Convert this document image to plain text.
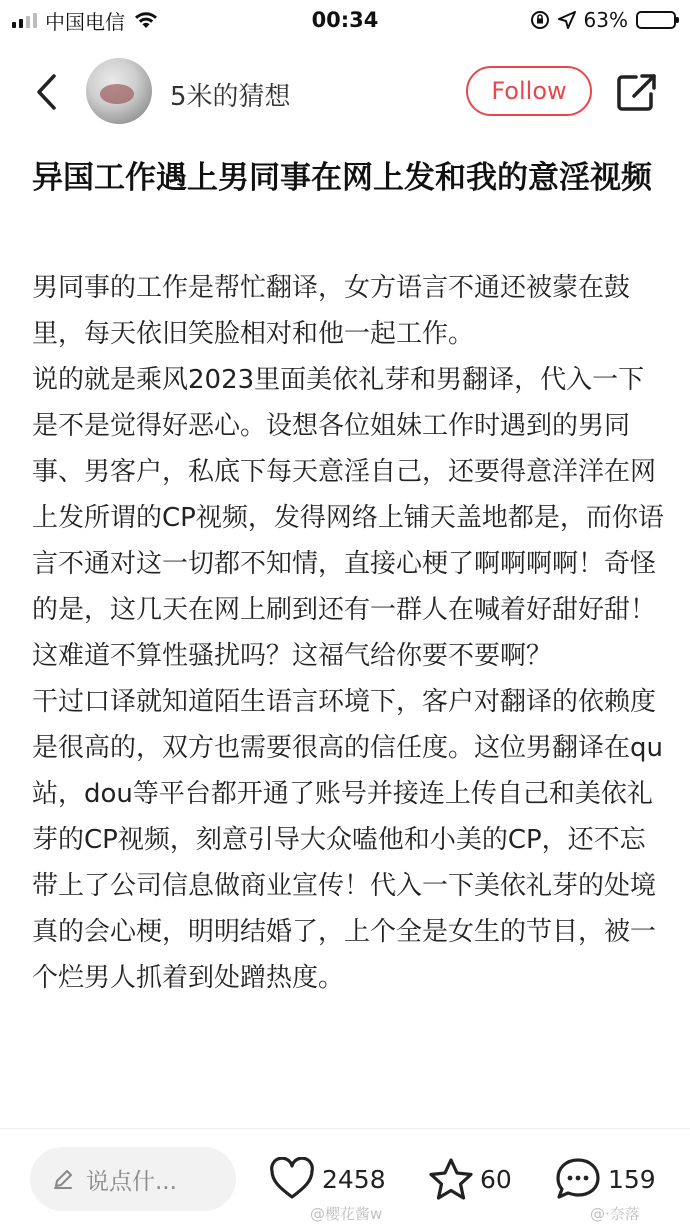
中国电信	00:34	63%
5米的猜想	Follow
异国工作遇上男同事在网上发和我的意淫视频

男同事的工作是帮忙翻译，女方语言不通还被蒙在鼓里，每天依旧笑脸相对和他一起工作。

说的就是乘风2023里面美依礼芽和男翻译，代入一下是不是觉得好恶心。设想各位姐妹工作时遇到的男同事、男客户，私底下每天意淫自己，还要得意洋洋在网上发所谓的CP视频，发得网络上铺天盖地都是，而你语言不通对这一切都不知情，直接心梗了啊啊啊啊！奇怪的是，这几天在网上刷到还有一群人在喊着好甜好甜！这难道不算性骚扰吗？这福气给你要不要啊？

干过口译就知道陌生语言环境下，客户对翻译的依赖度是很高的，双方也需要很高的信任度。这位男翻译在qu站，dou等平台都开通了账号并接连上传自己和美依礼芽的CP视频，刻意引导大众嗑他和小美的CP，还不忘带上了公司信息做商业宣传！代入一下美依礼芽的处境真的会心梗，明明结婚了，上个全是女生的节目，被一个烂男人抓着到处蹭热度。

说点什...	2458	60	159
@樱花酱w	@·奈落
